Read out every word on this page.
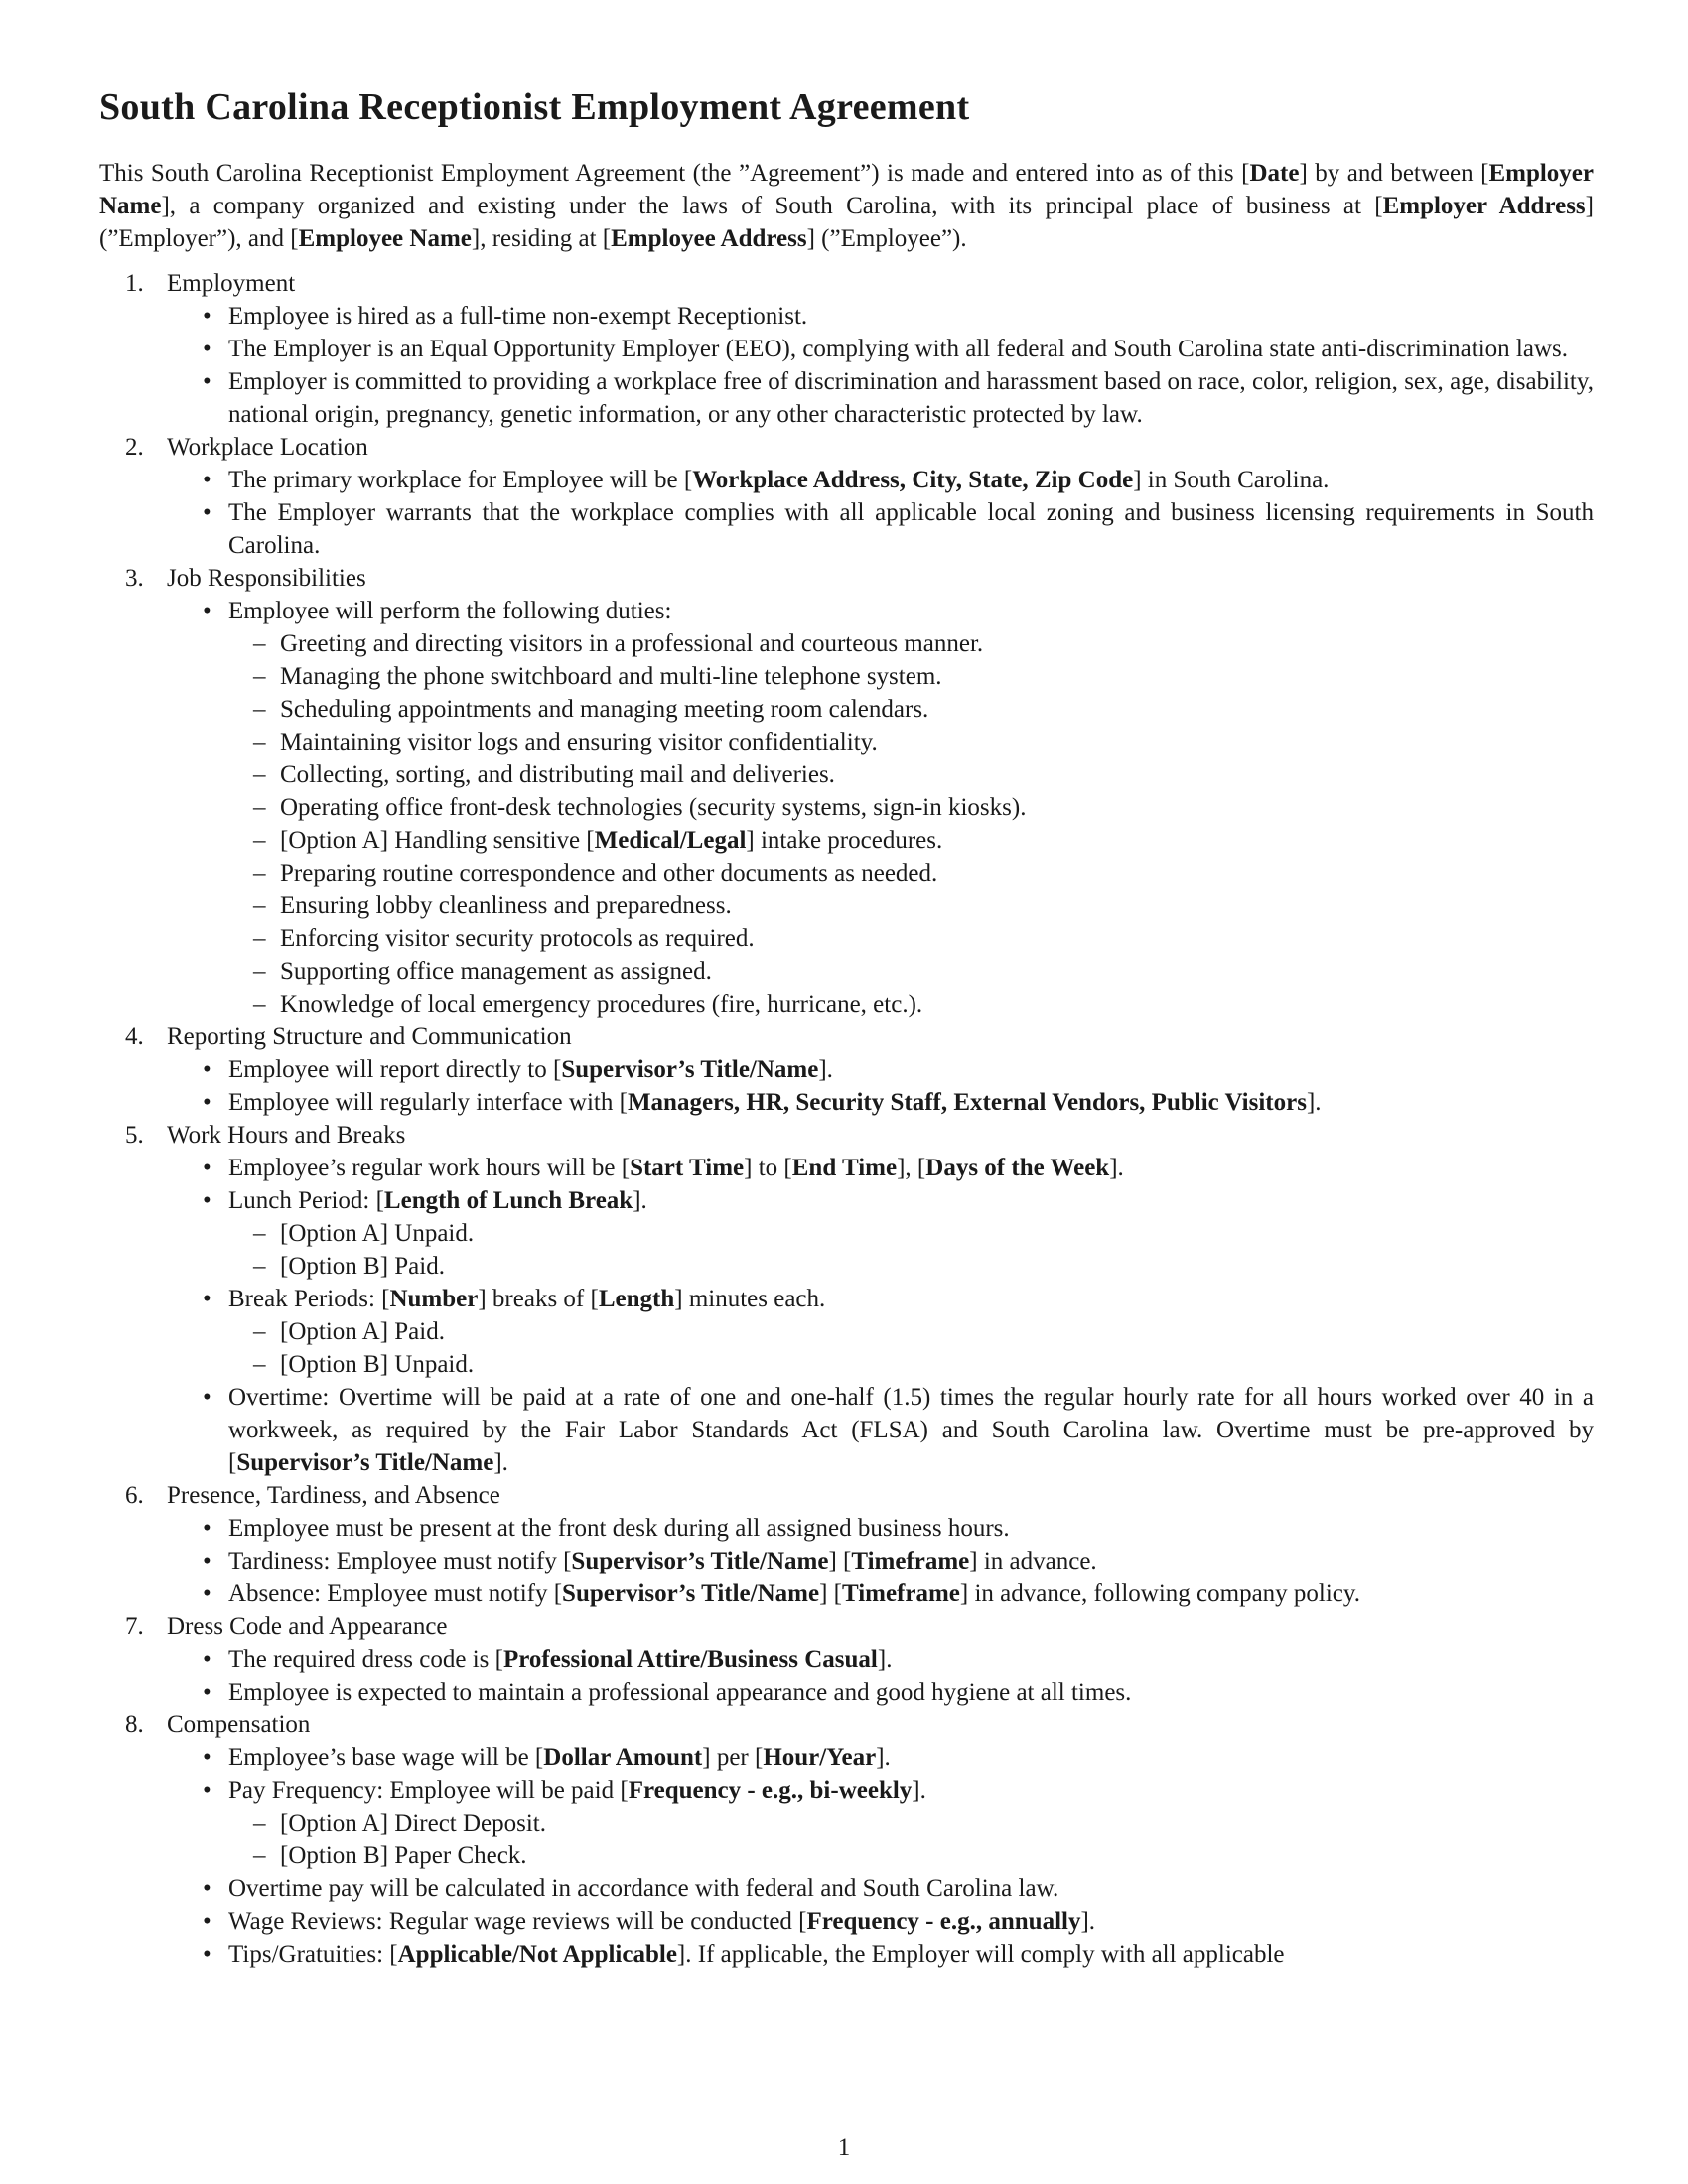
South Carolina Receptionist Employment Agreement

This South Carolina Receptionist Employment Agreement (the ”Agreement”) is made and entered into as of this [Date] by and between [Employer Name], a company organized and existing under the laws of South Carolina, with its principal place of business at [Employer Address] (”Employer”), and [Employee Name], residing at [Employee Address] (”Employee”).

1. Employment
• Employee is hired as a full-time non-exempt Receptionist.
• The Employer is an Equal Opportunity Employer (EEO), complying with all federal and South Carolina state anti-discrimination laws.
• Employer is committed to providing a workplace free of discrimination and harassment based on race, color, religion, sex, age, disability, national origin, pregnancy, genetic information, or any other characteristic protected by law.
2. Workplace Location
• The primary workplace for Employee will be [Workplace Address, City, State, Zip Code] in South Carolina.
• The Employer warrants that the workplace complies with all applicable local zoning and business licensing requirements in South Carolina.
3. Job Responsibilities
• Employee will perform the following duties:
– Greeting and directing visitors in a professional and courteous manner.
– Managing the phone switchboard and multi-line telephone system.
– Scheduling appointments and managing meeting room calendars.
– Maintaining visitor logs and ensuring visitor confidentiality.
– Collecting, sorting, and distributing mail and deliveries.
– Operating office front-desk technologies (security systems, sign-in kiosks).
– [Option A] Handling sensitive [Medical/Legal] intake procedures.
– Preparing routine correspondence and other documents as needed.
– Ensuring lobby cleanliness and preparedness.
– Enforcing visitor security protocols as required.
– Supporting office management as assigned.
– Knowledge of local emergency procedures (fire, hurricane, etc.).
4. Reporting Structure and Communication
• Employee will report directly to [Supervisor’s Title/Name].
• Employee will regularly interface with [Managers, HR, Security Staff, External Vendors, Public Visitors].
5. Work Hours and Breaks
• Employee’s regular work hours will be [Start Time] to [End Time], [Days of the Week].
• Lunch Period: [Length of Lunch Break].
– [Option A] Unpaid.
– [Option B] Paid.
• Break Periods: [Number] breaks of [Length] minutes each.
– [Option A] Paid.
– [Option B] Unpaid.
• Overtime: Overtime will be paid at a rate of one and one-half (1.5) times the regular hourly rate for all hours worked over 40 in a workweek, as required by the Fair Labor Standards Act (FLSA) and South Carolina law. Overtime must be pre-approved by [Supervisor’s Title/Name].
6. Presence, Tardiness, and Absence
• Employee must be present at the front desk during all assigned business hours.
• Tardiness: Employee must notify [Supervisor’s Title/Name] [Timeframe] in advance.
• Absence: Employee must notify [Supervisor’s Title/Name] [Timeframe] in advance, following company policy.
7. Dress Code and Appearance
• The required dress code is [Professional Attire/Business Casual].
• Employee is expected to maintain a professional appearance and good hygiene at all times.
8. Compensation
• Employee’s base wage will be [Dollar Amount] per [Hour/Year].
• Pay Frequency: Employee will be paid [Frequency - e.g., bi-weekly].
– [Option A] Direct Deposit.
– [Option B] Paper Check.
• Overtime pay will be calculated in accordance with federal and South Carolina law.
• Wage Reviews: Regular wage reviews will be conducted [Frequency - e.g., annually].
• Tips/Gratuities: [Applicable/Not Applicable]. If applicable, the Employer will comply with all applicable
1
